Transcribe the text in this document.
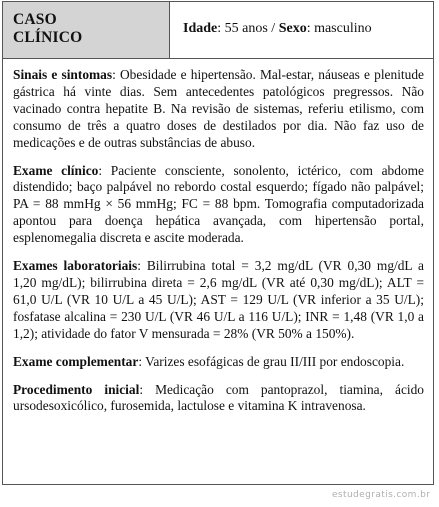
CASO
CLÍNICO
Idade: 55 anos / Sexo: masculino

Sinais e sintomas: Obesidade e hipertensão. Mal-estar, náuseas e plenitude gástrica há vinte dias. Sem antecedentes patológicos pregressos. Não vacinado contra hepatite B. Na revisão de sistemas, referiu etilismo, com consumo de três a quatro doses de destilados por dia. Não faz uso de medicações e de outras substâncias de abuso.

Exame clínico: Paciente consciente, sonolento, ictérico, com abdome distendido; baço palpável no rebordo costal esquerdo; fígado não palpável; PA = 88 mmHg × 56 mmHg; FC = 88 bpm. Tomografia computadorizada apontou para doença hepática avançada, com hipertensão portal, esplenomegalia discreta e ascite moderada.

Exames laboratoriais: Bilirrubina total = 3,2 mg/dL (VR 0,30 mg/dL a 1,20 mg/dL); bilirrubina direta = 2,6 mg/dL (VR até 0,30 mg/dL); ALT = 61,0 U/L (VR 10 U/L a 45 U/L); AST = 129 U/L (VR inferior a 35 U/L); fosfatase alcalina = 230 U/L (VR 46 U/L a 116 U/L); INR = 1,48 (VR 1,0 a 1,2); atividade do fator V mensurada = 28% (VR 50% a 150%).

Exame complementar: Varizes esofágicas de grau II/III por endoscopia.

Procedimento inicial: Medicação com pantoprazol, tiamina, ácido ursodesoxicólico, furosemida, lactulose e vitamina K intravenosa.

estudegratis.com.br
